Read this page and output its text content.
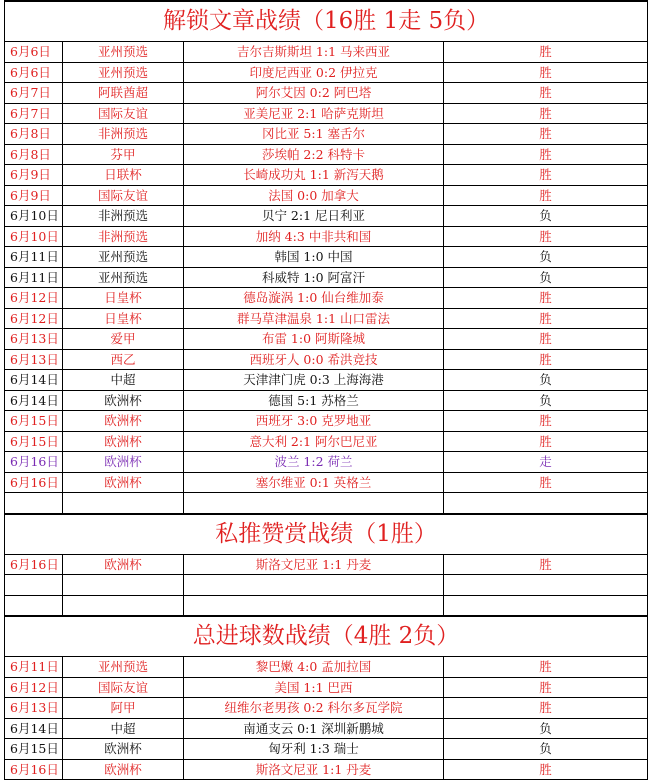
解锁文章战绩（16胜 1走 5负）			
6月6日	亚州预选	吉尔吉斯斯坦 1:1 马来西亚	胜
6月6日	亚州预选	印度尼西亚 0:2 伊拉克	胜
6月7日	阿联酋超	阿尔艾因 0:2 阿巴塔	胜
6月7日	国际友谊	亚美尼亚 2:1 哈萨克斯坦	胜
6月8日	非洲预选	冈比亚 5:1 塞舌尔	胜
6月8日	芬甲	莎埃帕 2:2 科特卡	胜
6月9日	日联杯	长崎成功丸 1:1 新泻天鹅	胜
6月9日	国际友谊	法国 0:0 加拿大	胜
6月10日	非洲预选	贝宁 2:1 尼日利亚	负
6月10日	非洲预选	加纳 4:3 中非共和国	胜
6月11日	亚州预选	韩国 1:0 中国	负
6月11日	亚州预选	科威特 1:0 阿富汗	负
6月12日	日皇杯	德岛漩涡 1:0 仙台维加泰	胜
6月12日	日皇杯	群马草津温泉 1:1 山口雷法	胜
6月13日	爱甲	布雷 1:0 阿斯隆城	胜
6月13日	西乙	西班牙人 0:0 希洪竞技	胜
6月14日	中超	天津津门虎 0:3 上海海港	负
6月14日	欧洲杯	德国 5:1 苏格兰	负
6月15日	欧洲杯	西班牙 3:0 克罗地亚	胜
6月15日	欧洲杯	意大利 2:1 阿尔巴尼亚	胜
6月16日	欧洲杯	波兰 1:2 荷兰	走
6月16日	欧洲杯	塞尔维亚 0:1 英格兰	胜

私推赞赏战绩（1胜）			
6月16日	欧洲杯	斯洛文尼亚 1:1 丹麦	胜

总进球数战绩（4胜 2负）			
6月11日	亚州预选	黎巴嫩 4:0 孟加拉国	胜
6月12日	国际友谊	美国 1:1 巴西	胜
6月13日	阿甲	纽维尔老男孩 0:2 科尔多瓦学院	胜
6月14日	中超	南通支云 0:1 深圳新鹏城	负
6月15日	欧洲杯	匈牙利 1:3 瑞士	负
6月16日	欧洲杯	斯洛文尼亚 1:1 丹麦	胜
